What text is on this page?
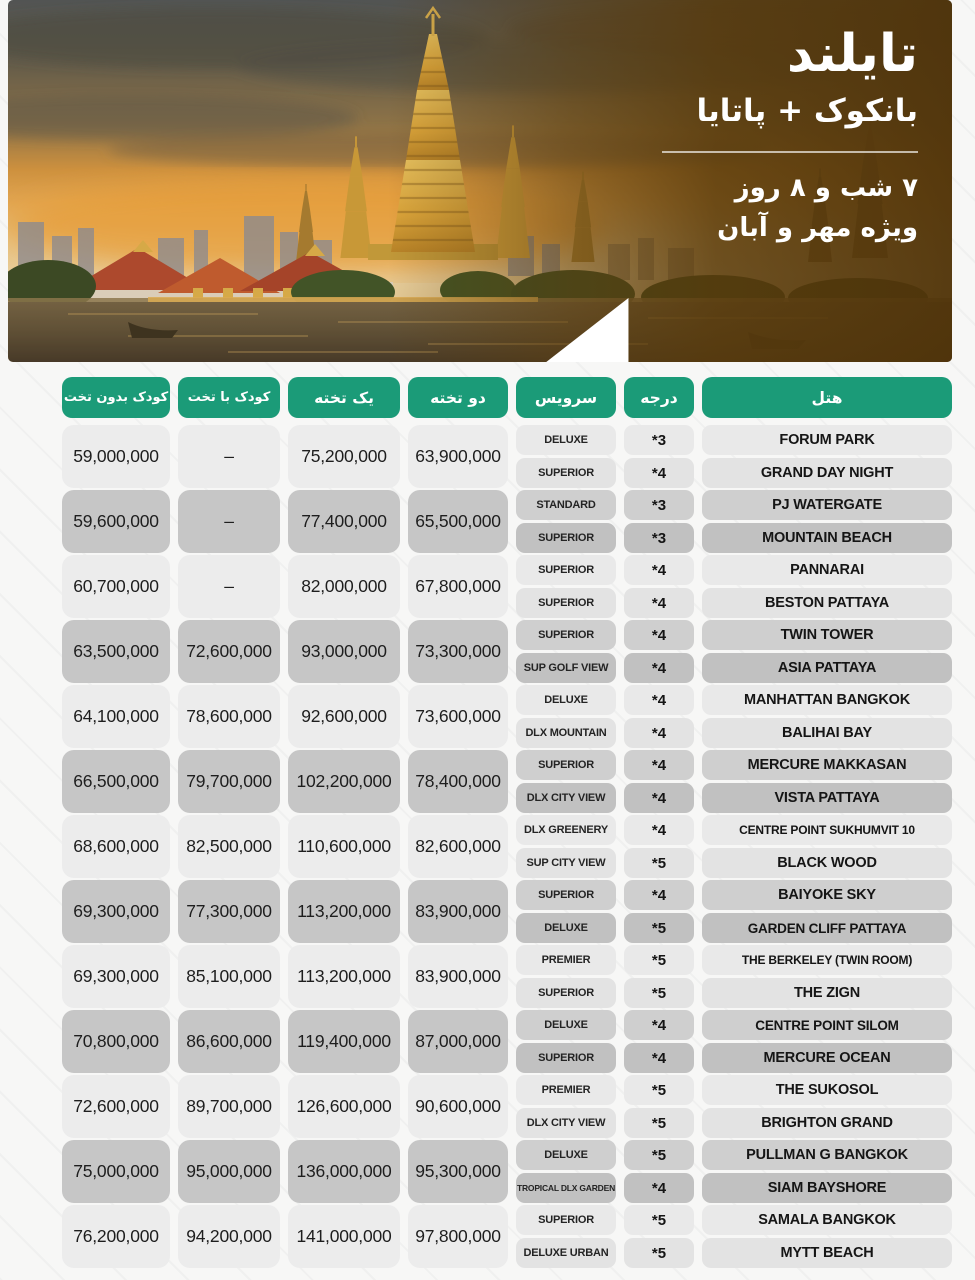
تایلند
بانکوک + پاتایا
۷ شب و ۸ روز
ویژه مهر و آبان
هتل
درجه
سرویس
دو تخته
یک تخته
کودک با تخت
کودک بدون تخت
FORUM PARK
GRAND DAY NIGHT
3*
4*
DELUXE
SUPERIOR
63,900,000
75,200,000
–
59,000,000
PJ WATERGATE
MOUNTAIN BEACH
3*
3*
STANDARD
SUPERIOR
65,500,000
77,400,000
–
59,600,000
PANNARAI
BESTON PATTAYA
4*
4*
SUPERIOR
SUPERIOR
67,800,000
82,000,000
–
60,700,000
TWIN TOWER
ASIA PATTAYA
4*
4*
SUPERIOR
SUP GOLF VIEW
73,300,000
93,000,000
72,600,000
63,500,000
MANHATTAN BANGKOK
BALIHAI BAY
4*
4*
DELUXE
DLX MOUNTAIN
73,600,000
92,600,000
78,600,000
64,100,000
MERCURE MAKKASAN
VISTA PATTAYA
4*
4*
SUPERIOR
DLX CITY VIEW
78,400,000
102,200,000
79,700,000
66,500,000
CENTRE POINT SUKHUMVIT 10
BLACK WOOD
4*
5*
DLX GREENERY
SUP CITY VIEW
82,600,000
110,600,000
82,500,000
68,600,000
BAIYOKE SKY
GARDEN CLIFF PATTAYA
4*
5*
SUPERIOR
DELUXE
83,900,000
113,200,000
77,300,000
69,300,000
THE BERKELEY (TWIN ROOM)
THE ZIGN
5*
5*
PREMIER
SUPERIOR
83,900,000
113,200,000
85,100,000
69,300,000
CENTRE POINT SILOM
MERCURE OCEAN
4*
4*
DELUXE
SUPERIOR
87,000,000
119,400,000
86,600,000
70,800,000
THE SUKOSOL
BRIGHTON GRAND
5*
5*
PREMIER
DLX CITY VIEW
90,600,000
126,600,000
89,700,000
72,600,000
PULLMAN G BANGKOK
SIAM BAYSHORE
5*
4*
DELUXE
TROPICAL DLX GARDEN
95,300,000
136,000,000
95,000,000
75,000,000
SAMALA BANGKOK
MYTT BEACH
5*
5*
SUPERIOR
DELUXE URBAN
97,800,000
141,000,000
94,200,000
76,200,000
